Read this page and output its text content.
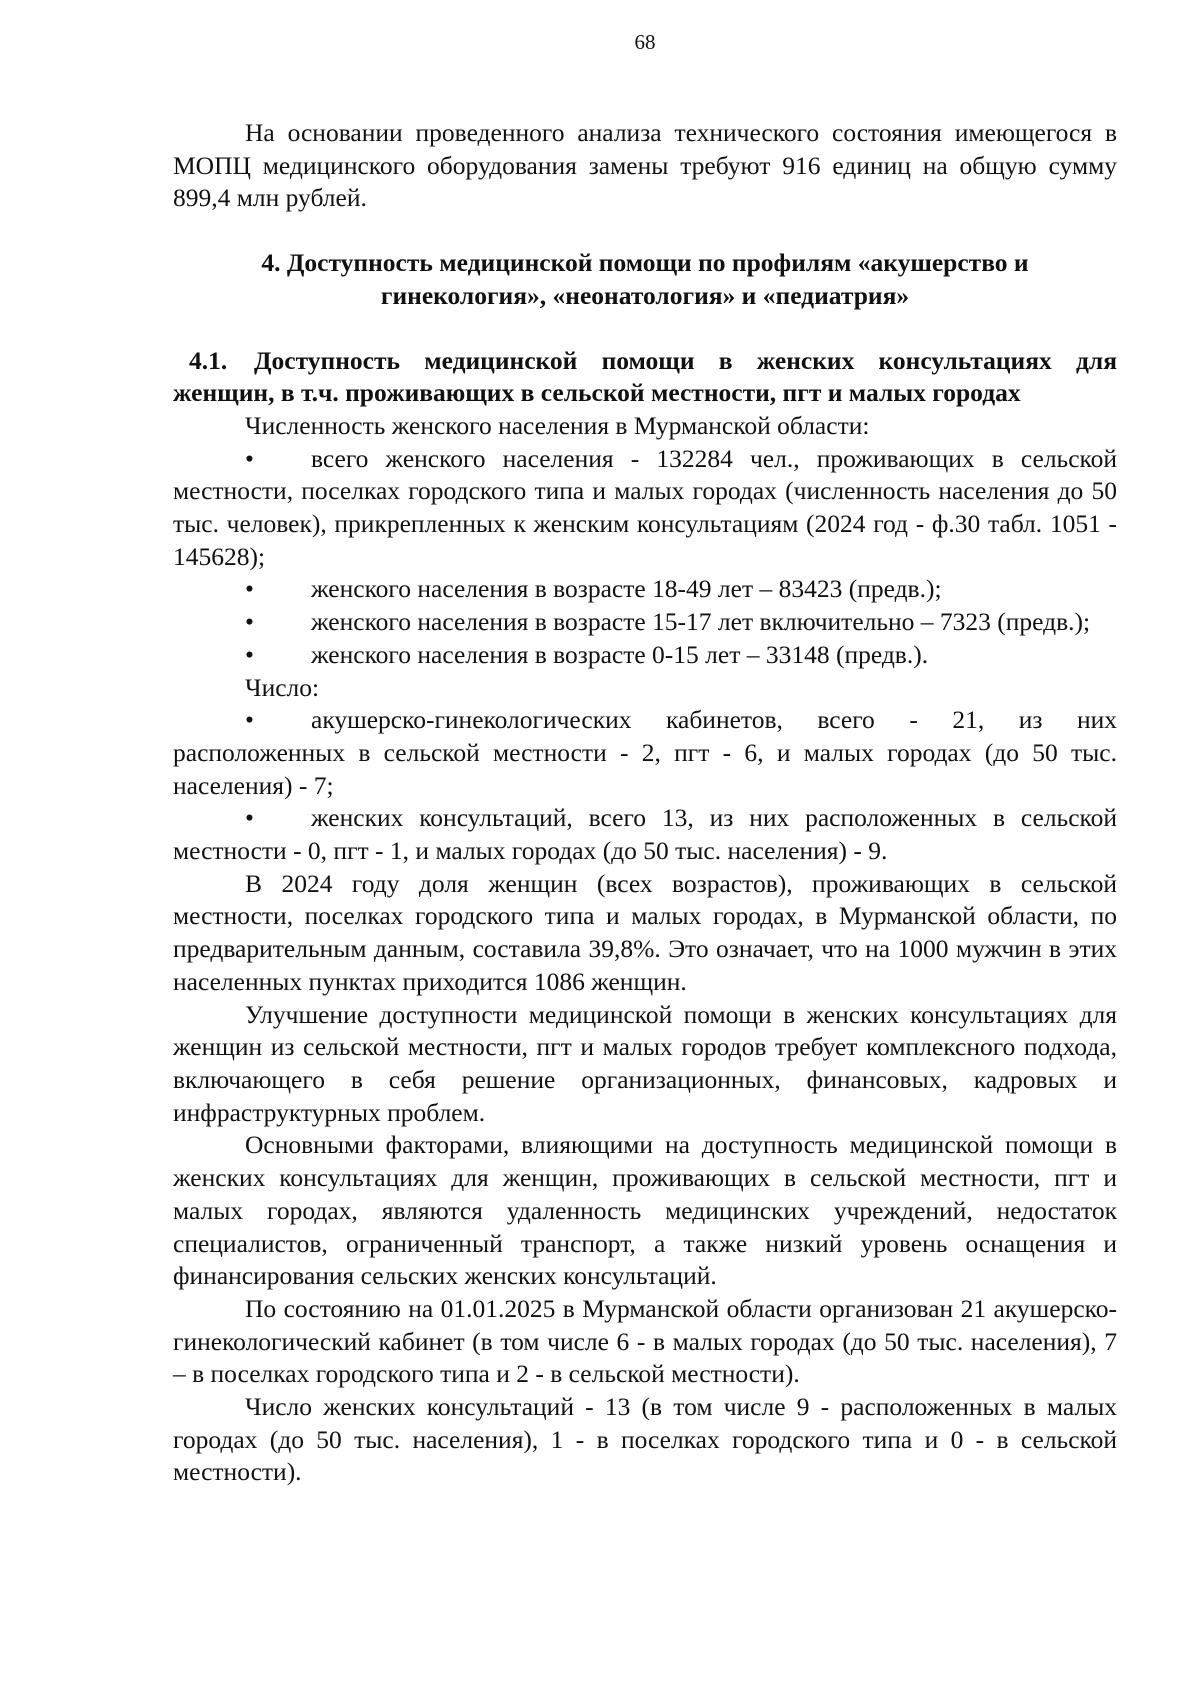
68

На основании проведенного анализа технического состояния имеющегося в МОПЦ медицинского оборудования замены требуют 916 единиц на общую сумму 899,4 млн рублей.

4. Доступность медицинской помощи по профилям «акушерство и
гинекология», «неонатология» и «педиатрия»

4.1. Доступность медицинской помощи в женских консультациях для женщин, в т.ч. проживающих в сельской местности, пгт и малых городах

Численность женского населения в Мурманской области:

• всего женского населения - 132284 чел., проживающих в сельской местности, поселках городского типа и малых городах (численность населения до 50 тыс. человек), прикрепленных к женским консультациям (2024 год - ф.30 табл. 1051 - 145628);

• женского населения в возрасте 18-49 лет – 83423 (предв.);

• женского населения в возрасте 15-17 лет включительно – 7323 (предв.);

• женского населения в возрасте 0-15 лет – 33148 (предв.).

Число:

• акушерско-гинекологических кабинетов, всего - 21, из них расположенных в сельской местности - 2, пгт - 6, и малых городах (до 50 тыс. населения) - 7;

• женских консультаций, всего 13, из них расположенных в сельской местности - 0, пгт - 1, и малых городах (до 50 тыс. населения) - 9.

В 2024 году доля женщин (всех возрастов), проживающих в сельской местности, поселках городского типа и малых городах, в Мурманской области, по предварительным данным, составила 39,8%. Это означает, что на 1000 мужчин в этих населенных пунктах приходится 1086 женщин.

Улучшение доступности медицинской помощи в женских консультациях для женщин из сельской местности, пгт и малых городов требует комплексного подхода, включающего в себя решение организационных, финансовых, кадровых и инфраструктурных проблем.

Основными факторами, влияющими на доступность медицинской помощи в женских консультациях для женщин, проживающих в сельской местности, пгт и малых городах, являются удаленность медицинских учреждений, недостаток специалистов, ограниченный транспорт, а также низкий уровень оснащения и финансирования сельских женских консультаций.

По состоянию на 01.01.2025 в Мурманской области организован 21 акушерско-гинекологический кабинет (в том числе 6 - в малых городах (до 50 тыс. населения), 7 – в поселках городского типа и 2 - в сельской местности).

Число женских консультаций - 13 (в том числе 9 - расположенных в малых городах (до 50 тыс. населения), 1 - в поселках городского типа и 0 - в сельской местности).
